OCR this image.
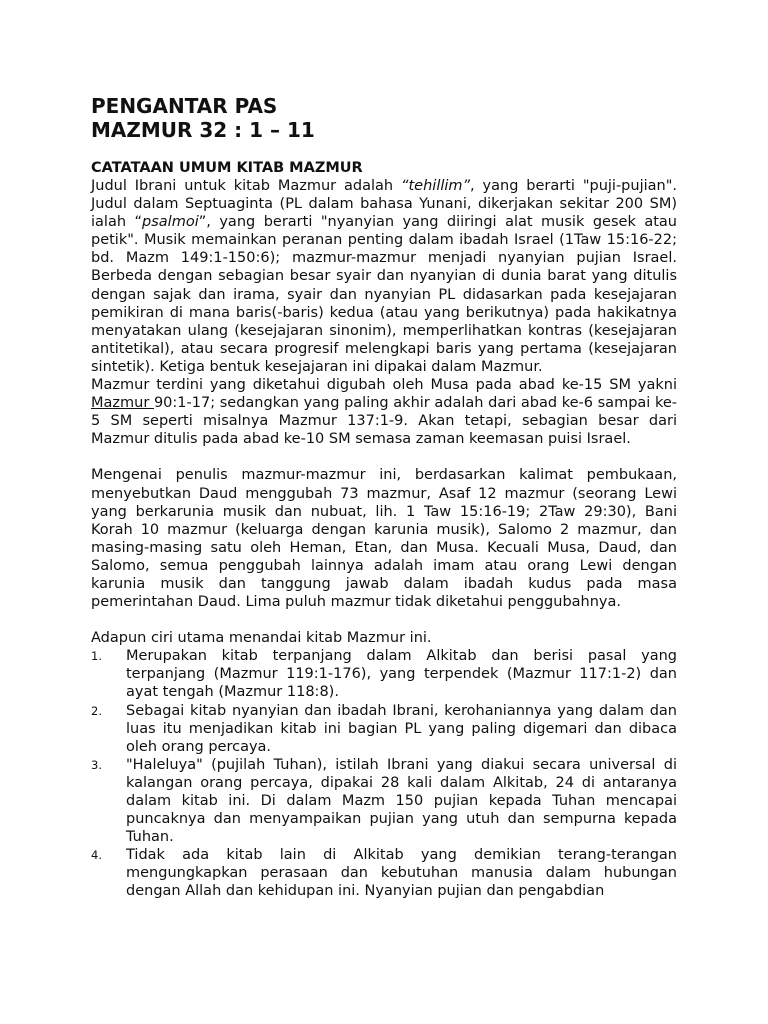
PENGANTAR PAS
MAZMUR 32 : 1 – 11
CATATAAN UMUM KITAB MAZMUR

Judul Ibrani untuk kitab Mazmur adalah “tehillim”, yang berarti "puji-pujian". Judul dalam Septuaginta (PL dalam bahasa Yunani, dikerjakan sekitar 200 SM) ialah “psalmoi”, yang berarti "nyanyian yang diiringi alat musik gesek atau petik". Musik memainkan peranan penting dalam ibadah Israel (1Taw 15:16-22; bd. Mazm 149:1-150:6); mazmur-mazmur menjadi nyanyian pujian Israel. Berbeda dengan sebagian besar syair dan nyanyian di dunia barat yang ditulis dengan sajak dan irama, syair dan nyanyian PL didasarkan pada kesejajaran pemikiran di mana baris(-baris) kedua (atau yang berikutnya) pada hakikatnya menyatakan ulang (kesejajaran sinonim), memperlihatkan kontras (kesejajaran antitetikal), atau secara progresif melengkapi baris yang pertama (kesejajaran sintetik). Ketiga bentuk kesejajaran ini dipakai dalam Mazmur.

Mazmur terdini yang diketahui digubah oleh Musa pada abad ke-15 SM yakni Mazmur 90:1-17; sedangkan yang paling akhir adalah dari abad ke-6 sampai ke-5 SM seperti misalnya Mazmur 137:1-9. Akan tetapi, sebagian besar dari Mazmur ditulis pada abad ke-10 SM semasa zaman keemasan puisi Israel.

Mengenai penulis mazmur-mazmur ini, berdasarkan kalimat pembukaan, menyebutkan Daud menggubah 73 mazmur, Asaf 12 mazmur (seorang Lewi yang berkarunia musik dan nubuat, lih. 1 Taw 15:16-19; 2Taw 29:30), Bani Korah 10 mazmur (keluarga dengan karunia musik), Salomo 2 mazmur, dan masing-masing satu oleh Heman, Etan, dan Musa. Kecuali Musa, Daud, dan Salomo, semua penggubah lainnya adalah imam atau orang Lewi dengan karunia musik dan tanggung jawab dalam ibadah kudus pada masa pemerintahan Daud. Lima puluh mazmur tidak diketahui penggubahnya.

Adapun ciri utama menandai kitab Mazmur ini.

1. Merupakan kitab terpanjang dalam Alkitab dan berisi pasal yang terpanjang (Mazmur 119:1-176), yang terpendek (Mazmur 117:1-2) dan ayat tengah (Mazmur 118:8).
2. Sebagai kitab nyanyian dan ibadah Ibrani, kerohaniannya yang dalam dan luas itu menjadikan kitab ini bagian PL yang paling digemari dan dibaca oleh orang percaya.
3. "Haleluya" (pujilah Tuhan), istilah Ibrani yang diakui secara universal di kalangan orang percaya, dipakai 28 kali dalam Alkitab, 24 di antaranya dalam kitab ini. Di dalam Mazm 150 pujian kepada Tuhan mencapai puncaknya dan menyampaikan pujian yang utuh dan sempurna kepada Tuhan.
4. Tidak ada kitab lain di Alkitab yang demikian terang-terangan mengungkapkan perasaan dan kebutuhan manusia dalam hubungan dengan Allah dan kehidupan ini. Nyanyian pujian dan pengabdian
